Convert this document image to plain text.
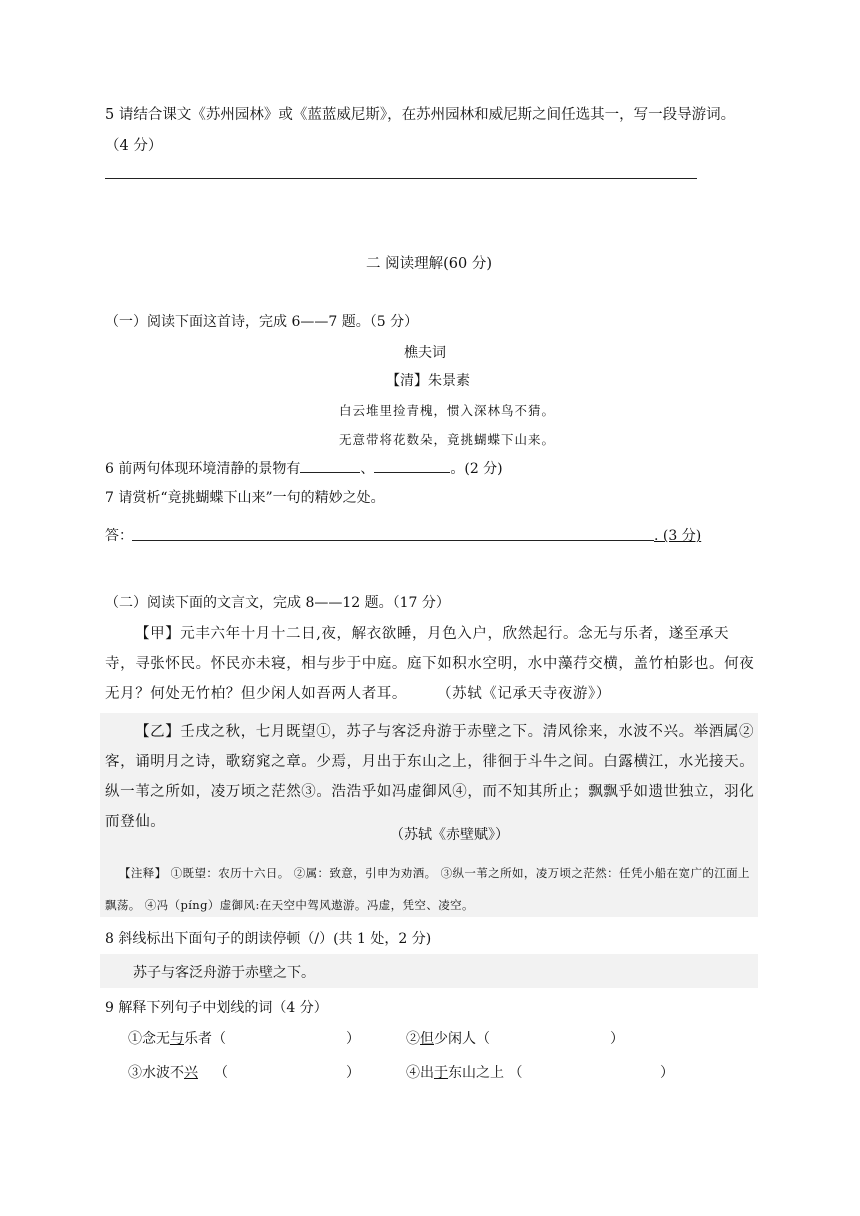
5 请结合课文《苏州园林》或《蓝蓝威尼斯》，在苏州园林和威尼斯之间任选其一，写一段导游词。
（4 分）
二 阅读理解(60 分)
（一）阅读下面这首诗，完成 6——7 题。（5 分）
樵夫词
【清】朱景素
白云堆里捡青槐，惯入深林鸟不猜。
无意带将花数朵，竟挑蝴蝶下山来。
6 前两句体现环境清静的景物有	、	。(2 分)
7 请赏析“竟挑蝴蝶下山来”一句的精妙之处。
答：	. (3 分)
（二）阅读下面的文言文，完成 8——12 题。（17 分）
【甲】元丰六年十月十二日,夜，解衣欲睡，月色入户，欣然起行。念无与乐者，遂至承天寺，寻张怀民。怀民亦未寝，相与步于中庭。庭下如积水空明，水中藻荇交横，盖竹柏影也。何夜无月？何处无竹柏？但少闲人如吾两人者耳。 （苏轼《记承天寺夜游》）
【乙】壬戌之秋，七月既望①，苏子与客泛舟游于赤壁之下。清风徐来，水波不兴。举酒属②客，诵明月之诗，歌窈窕之章。少焉，月出于东山之上，徘徊于斗牛之间。白露横江，水光接天。纵一苇之所如，凌万顷之茫然③。浩浩乎如冯虚御风④，而不知其所止；飘飘乎如遗世独立，羽化而登仙。
（苏轼《赤壁赋》）
【注释】 ①既望：农历十六日。 ②属：致意，引申为劝酒。 ③纵一苇之所如，凌万顷之茫然：任凭小船在宽广的江面上飘荡。 ④冯（píng）虚御风:在天空中驾风遨游。冯虚，凭空、凌空。
8 斜线标出下面句子的朗读停顿（/）(共 1 处，2 分)
苏子与客泛舟游于赤壁之下。
9 解释下列句子中划线的词（4 分）
①念无与乐者（	）	②但少闲人（	）
③水波不兴 （	）	④出于东山之上 （	）
